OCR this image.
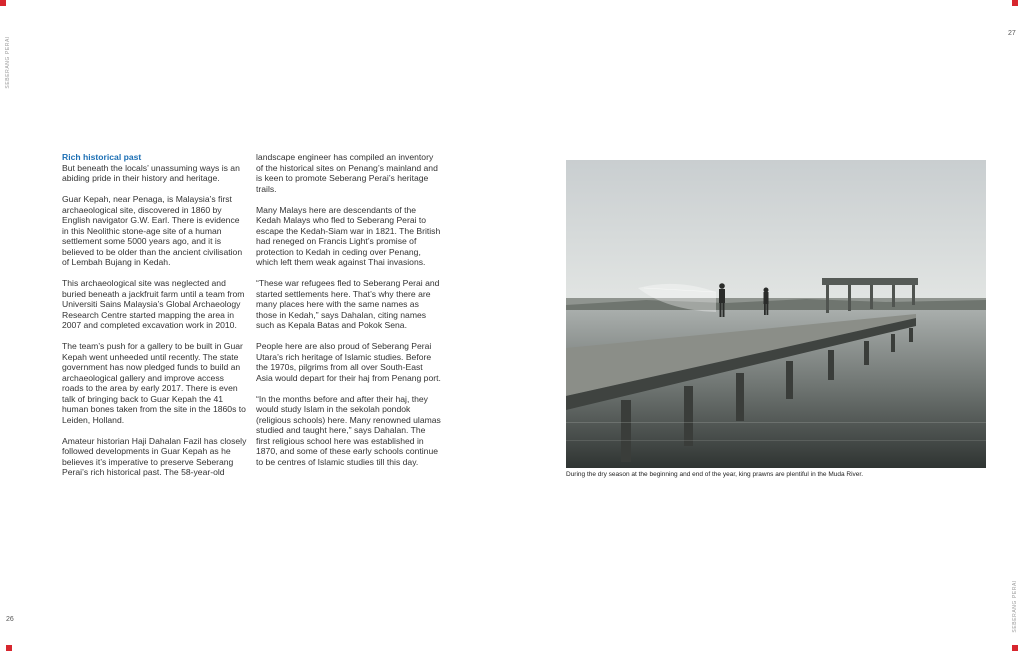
SEBERANG PERAI
SEBERANG PERAI
26
27
Rich historical past

But beneath the locals’ unassuming ways is an abiding pride in their history and heritage.

Guar Kepah, near Penaga, is Malaysia’s first archaeological site, discovered in 1860 by English navigator G.W. Earl. There is evidence in this Neolithic stone-age site of a human settlement some 5000 years ago, and it is believed to be older than the ancient civilisation of Lembah Bujang in Kedah.

This archaeological site was neglected and buried beneath a jackfruit farm until a team from Universiti Sains Malaysia’s Global Archaeology Research Centre started mapping the area in 2007 and completed excavation work in 2010.

The team’s push for a gallery to be built in Guar Kepah went unheeded until recently. The state government has now pledged funds to build an archaeological gallery and improve access roads to the area by early 2017. There is even talk of bringing back to Guar Kepah the 41 human bones taken from the site in the 1860s to Leiden, Holland.

Amateur historian Haji Dahalan Fazil has closely followed developments in Guar Kepah as he believes it’s imperative to preserve Seberang Perai’s rich historical past. The 58-year-old

landscape engineer has compiled an inventory of the historical sites on Penang’s mainland and is keen to promote Seberang Perai’s heritage trails.

Many Malays here are descendants of the Kedah Malays who fled to Seberang Perai to escape the Kedah-Siam war in 1821. The British had reneged on Francis Light’s promise of protection to Kedah in ceding over Penang, which left them weak against Thai invasions.

“These war refugees fled to Seberang Perai and started settlements here. That’s why there are many places here with the same names as those in Kedah,” says Dahalan, citing names such as Kepala Batas and Pokok Sena.

People here are also proud of Seberang Perai Utara’s rich heritage of Islamic studies. Before the 1970s, pilgrims from all over South-East Asia would depart for their haj from Penang port.

“In the months before and after their haj, they would study Islam in the sekolah pondok (religious schools) here. Many renowned ulamas studied and taught here,” says Dahalan. The first religious school here was established in 1870, and some of these early schools continue to be centres of Islamic studies till this day.

During the dry season at the beginning and end of the year, king prawns are plentiful in the Muda River.
